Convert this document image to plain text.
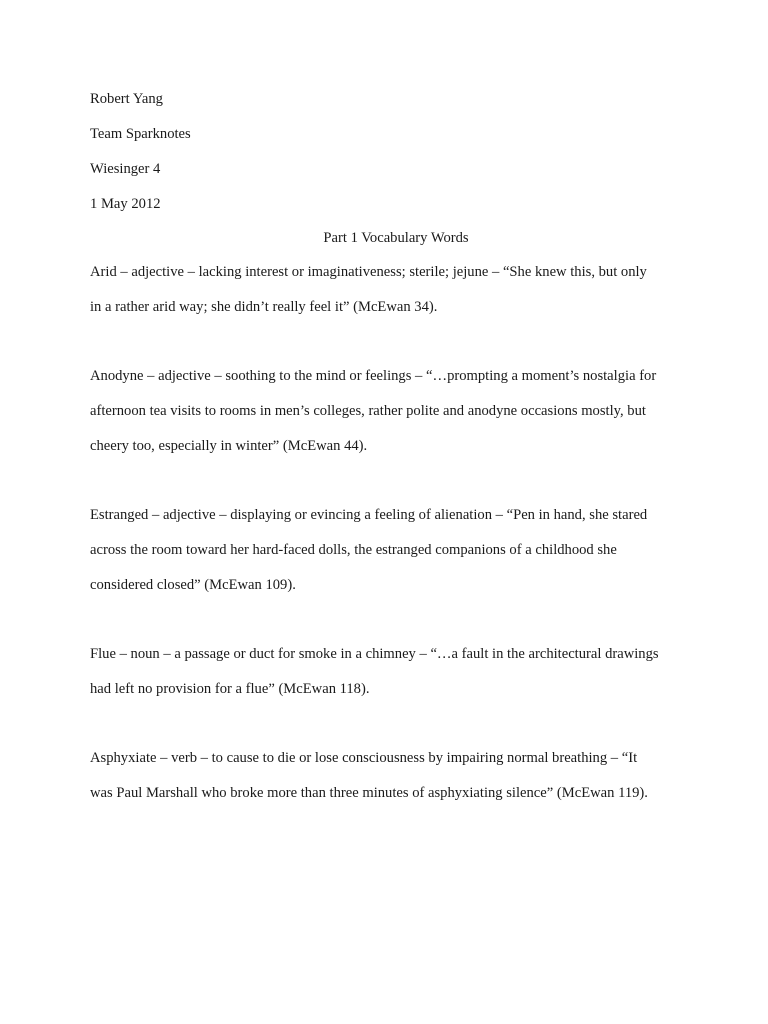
Robert Yang
Team Sparknotes
Wiesinger 4
1 May 2012
Part 1 Vocabulary Words
Arid – adjective – lacking interest or imaginativeness; sterile; jejune – “She knew this, but only
in a rather arid way; she didn’t really feel it” (McEwan 34).
Anodyne – adjective – soothing to the mind or feelings – “…prompting a moment’s nostalgia for
afternoon tea visits to rooms in men’s colleges, rather polite and anodyne occasions mostly, but
cheery too, especially in winter” (McEwan 44).
Estranged – adjective – displaying or evincing a feeling of alienation – “Pen in hand, she stared
across the room toward her hard-faced dolls, the estranged companions of a childhood she
considered closed” (McEwan 109).
Flue – noun – a passage or duct for smoke in a chimney – “…a fault in the architectural drawings
had left no provision for a flue” (McEwan 118).
Asphyxiate – verb – to cause to die or lose consciousness by impairing normal breathing – “It
was Paul Marshall who broke more than three minutes of asphyxiating silence” (McEwan 119).
